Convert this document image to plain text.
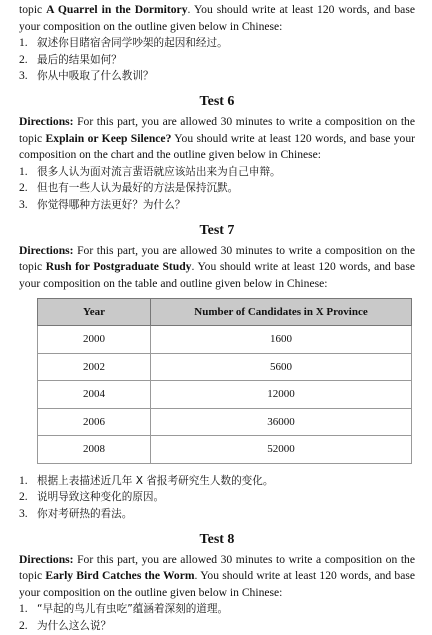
topic A Quarrel in the Dormitory. You should write at least 120 words, and base your composition on the outline given below in Chinese:

1. 叙述你目睹宿舍同学吵架的起因和经过。
2. 最后的结果如何？
3. 你从中吸取了什么教训？
Test 6

Directions: For this part, you are allowed 30 minutes to write a composition on the topic Explain or Keep Silence? You should write at least 120 words, and base your composition on the chart and the outline given below in Chinese:

1. 很多人认为面对流言蜚语就应该站出来为自己申辩。
2. 但也有一些人认为最好的方法是保持沉默。
3. 你觉得哪种方法更好？为什么？
Test 7

Directions: For this part, you are allowed 30 minutes to write a composition on the topic Rush for Postgraduate Study. You should write at least 120 words, and base your composition on the table and outline given below in Chinese:

Year	Number of Candidates in X Province
2000	1600
2002	5600
2004	12000
2006	36000
2008	52000
1. 根据上表描述近几年 X 省报考研究生人数的变化。
2. 说明导致这种变化的原因。
3. 你对考研热的看法。
Test 8

Directions: For this part, you are allowed 30 minutes to write a composition on the topic Early Bird Catches the Worm. You should write at least 120 words, and base your composition on the outline given below in Chinese:

1. “早起的鸟儿有虫吃”蕴涵着深刻的道理。
2. 为什么这么说？
